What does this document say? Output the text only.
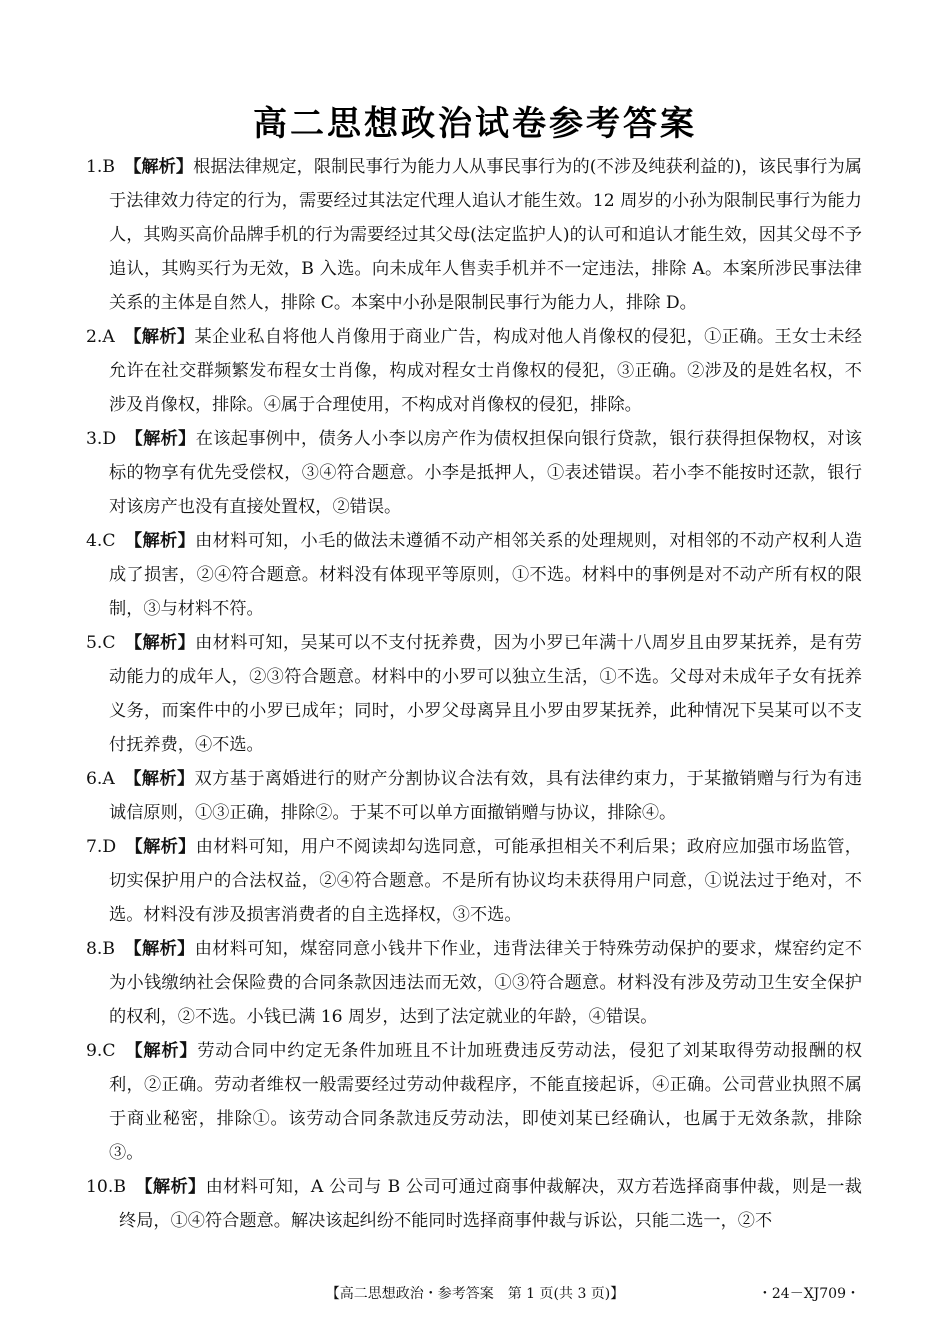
高二思想政治试卷参考答案

1.B 【解析】根据法律规定，限制民事行为能力人从事民事行为的(不涉及纯获利益的)，该民事行为属于法律效力待定的行为，需要经过其法定代理人追认才能生效。12 周岁的小孙为限制民事行为能力人，其购买高价品牌手机的行为需要经过其父母(法定监护人)的认可和追认才能生效，因其父母不予追认，其购买行为无效，B 入选。向未成年人售卖手机并不一定违法，排除 A。本案所涉民事法律关系的主体是自然人，排除 C。本案中小孙是限制民事行为能力人，排除 D。

2.A 【解析】某企业私自将他人肖像用于商业广告，构成对他人肖像权的侵犯，①正确。王女士未经允许在社交群频繁发布程女士肖像，构成对程女士肖像权的侵犯，③正确。②涉及的是姓名权，不涉及肖像权，排除。④属于合理使用，不构成对肖像权的侵犯，排除。

3.D 【解析】在该起事例中，债务人小李以房产作为债权担保向银行贷款，银行获得担保物权，对该标的物享有优先受偿权，③④符合题意。小李是抵押人，①表述错误。若小李不能按时还款，银行对该房产也没有直接处置权，②错误。

4.C 【解析】由材料可知，小毛的做法未遵循不动产相邻关系的处理规则，对相邻的不动产权利人造成了损害，②④符合题意。材料没有体现平等原则，①不选。材料中的事例是对不动产所有权的限制，③与材料不符。

5.C 【解析】由材料可知，吴某可以不支付抚养费，因为小罗已年满十八周岁且由罗某抚养，是有劳动能力的成年人，②③符合题意。材料中的小罗可以独立生活，①不选。父母对未成年子女有抚养义务，而案件中的小罗已成年；同时，小罗父母离异且小罗由罗某抚养，此种情况下吴某可以不支付抚养费，④不选。

6.A 【解析】双方基于离婚进行的财产分割协议合法有效，具有法律约束力，于某撤销赠与行为有违诚信原则，①③正确，排除②。于某不可以单方面撤销赠与协议，排除④。

7.D 【解析】由材料可知，用户不阅读却勾选同意，可能承担相关不利后果；政府应加强市场监管，切实保护用户的合法权益，②④符合题意。不是所有协议均未获得用户同意，①说法过于绝对，不选。材料没有涉及损害消费者的自主选择权，③不选。

8.B 【解析】由材料可知，煤窑同意小钱井下作业，违背法律关于特殊劳动保护的要求，煤窑约定不为小钱缴纳社会保险费的合同条款因违法而无效，①③符合题意。材料没有涉及劳动卫生安全保护的权利，②不选。小钱已满 16 周岁，达到了法定就业的年龄，④错误。

9.C 【解析】劳动合同中约定无条件加班且不计加班费违反劳动法，侵犯了刘某取得劳动报酬的权利，②正确。劳动者维权一般需要经过劳动仲裁程序，不能直接起诉，④正确。公司营业执照不属于商业秘密，排除①。该劳动合同条款违反劳动法，即使刘某已经确认，也属于无效条款，排除③。

10.B 【解析】由材料可知，A 公司与 B 公司可通过商事仲裁解决，双方若选择商事仲裁，则是一裁终局，①④符合题意。解决该起纠纷不能同时选择商事仲裁与诉讼，只能二选一，②不

【高二思想政治・参考答案　第 1 页(共 3 页)】	・24－XJ709・
